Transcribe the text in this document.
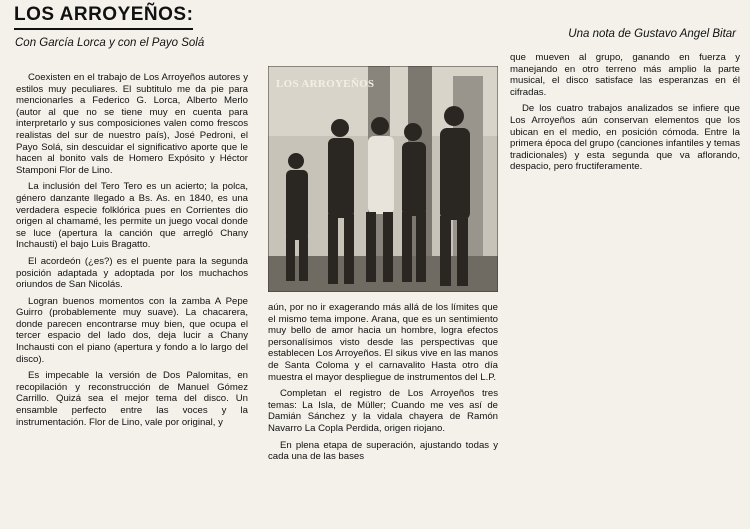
LOS ARROYEÑOS:
Con García Lorca y con el Payo Solá
Una nota de Gustavo Angel Bitar

Coexisten en el trabajo de Los Arroyeños autores y estilos muy peculiares. El subtitulo me da pie para mencionarles a Federico G. Lorca, Alberto Merlo (autor al que no se tiene muy en cuenta para interpretarlo y sus composiciones valen como frescos realistas del sur de nuestro país), José Pedroni, el Payo Solá, sin descuidar el significativo aporte que le hacen al bonito vals de Homero Expósito y Héctor Stamponi Flor de Lino.

La inclusión del Tero Tero es un acierto; la polca, género danzante llegado a Bs. As. en 1840, es una verdadera especie folklórica pues en Corrientes dio origen al chamamé, les permite un juego vocal donde se luce (apertura la canción que arregló Chany Inchausti) el bajo Luis Bragatto.

El acordeón (¿es?) es el puente para la segunda posición adaptada y adoptada por los muchachos oriundos de San Nicolás.

Logran buenos momentos con la zamba A Pepe Guirro (probablemente muy suave). La chacarera, donde parecen encontrarse muy bien, que ocupa el tercer espacio del lado dos, deja lucir a Chany Inchausti con el piano (apertura y fondo a lo largo del disco).

Es impecable la versión de Dos Palomitas, en recopilación y reconstrucción de Manuel Gómez Carrillo. Quizá sea el mejor tema del disco. Un ensamble perfecto entre las voces y la instrumentación. Flor de Lino, vale por original, y

LOS ARROYEÑOS

aún, por no ir exagerando más allá de los límites que el mismo tema impone. Arana, que es un sentimiento muy bello de amor hacia un hombre, logra efectos personalísimos visto desde las perspectivas que establecen Los Arroyeños. El sikus vive en las manos de Santa Coloma y el carnavalito Hasta otro día muestra el mayor despliegue de instrumentos del L.P.

Completan el registro de Los Arroyeños tres temas: La Isla, de Müller; Cuando me ves así de Damián Sánchez y la vidala chayera de Ramón Navarro La Copla Perdida, origen riojano.

En plena etapa de superación, ajustando todas y cada una de las bases

que mueven al grupo, ganando en fuerza y manejando en otro terreno más amplio la parte musical, el disco satisface las esperanzas en él cifradas.

De los cuatro trabajos analizados se infiere que Los Arroyeños aún conservan elementos que los ubican en el medio, en posición cómoda. Entre la primera época del grupo (canciones infantiles y temas tradicionales) y esta segunda que va aflorando, despacio, pero fructiferamente.
